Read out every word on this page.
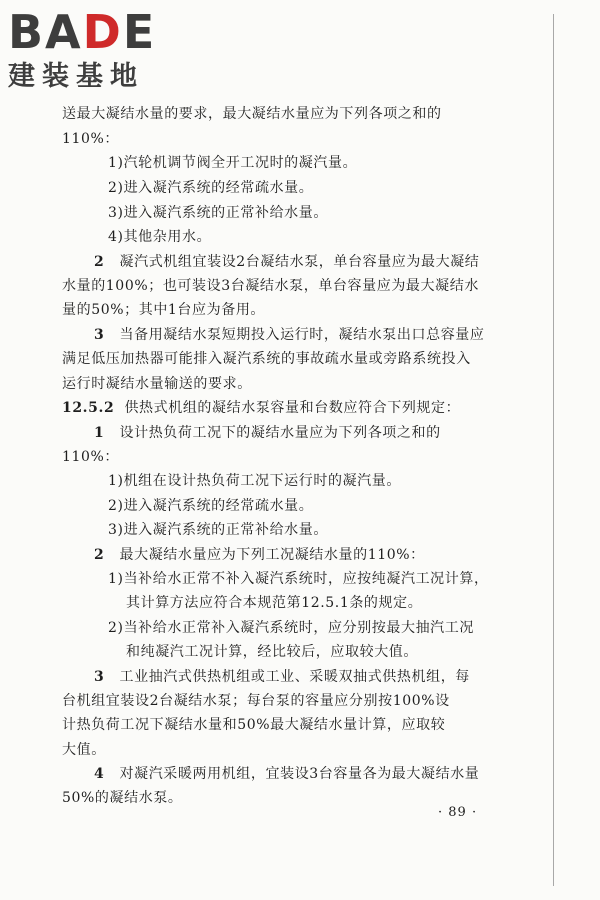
BADE
建装基地
送最大凝结水量的要求，最大凝结水量应为下列各项之和的
110%：
1)汽轮机调节阀全开工况时的凝汽量。
2)进入凝汽系统的经常疏水量。
3)进入凝汽系统的正常补给水量。
4)其他杂用水。
2 凝汽式机组宜装设2台凝结水泵，单台容量应为最大凝结
水量的100%；也可装设3台凝结水泵，单台容量应为最大凝结水
量的50%；其中1台应为备用。
3 当备用凝结水泵短期投入运行时，凝结水泵出口总容量应
满足低压加热器可能排入凝汽系统的事故疏水量或旁路系统投入
运行时凝结水量输送的要求。
12.5.2 供热式机组的凝结水泵容量和台数应符合下列规定：
1 设计热负荷工况下的凝结水量应为下列各项之和的
110%：
1)机组在设计热负荷工况下运行时的凝汽量。
2)进入凝汽系统的经常疏水量。
3)进入凝汽系统的正常补给水量。
2 最大凝结水量应为下列工况凝结水量的110%：
1)当补给水正常不补入凝汽系统时，应按纯凝汽工况计算，
其计算方法应符合本规范第12.5.1条的规定。
2)当补给水正常补入凝汽系统时，应分别按最大抽汽工况
和纯凝汽工况计算，经比较后，应取较大值。
3 工业抽汽式供热机组或工业、采暖双抽式供热机组，每
台机组宜装设2台凝结水泵；每台泵的容量应分别按100%设
计热负荷工况下凝结水量和50%最大凝结水量计算，应取较
大值。
4 对凝汽采暖两用机组，宜装设3台容量各为最大凝结水量
50%的凝结水泵。
· 89 ·
